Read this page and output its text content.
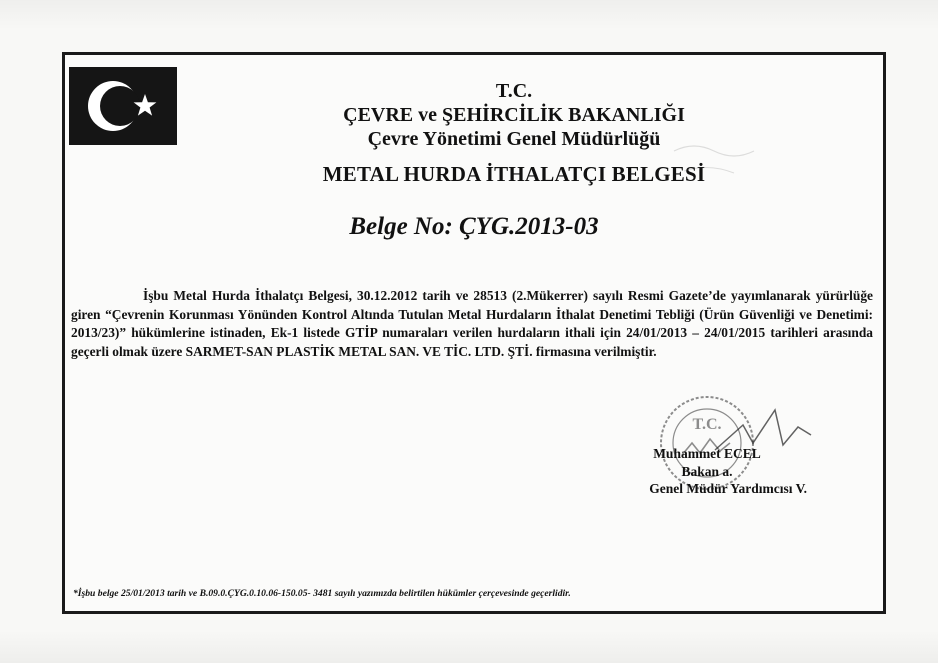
T.C.
ÇEVRE ve ŞEHİRCİLİK BAKANLIĞI
Çevre Yönetimi Genel Müdürlüğü
METAL HURDA İTHALATÇI BELGESİ
Belge No: ÇYG.2013-03
İşbu Metal Hurda İthalatçı Belgesi, 30.12.2012 tarih ve 28513 (2.Mükerrer) sayılı Resmi Gazete’de yayımlanarak yürürlüğe giren “Çevrenin Korunması Yönünden Kontrol Altında Tutulan Metal Hurdaların İthalat Denetimi Tebliği (Ürün Güvenliği ve Denetimi: 2013/23)” hükümlerine istinaden, Ek-1 listede GTİP numaraları verilen hurdaların ithali için 24/01/2013 – 24/01/2015 tarihleri arasında geçerli olmak üzere SARMET-SAN PLASTİK METAL SAN. VE TİC. LTD. ŞTİ. firmasına verilmiştir.
T.C.
Muhammet ECEL
Bakan a.
Genel Müdür Yardımcısı V.
*İşbu belge 25/01/2013 tarih ve B.09.0.ÇYG.0.10.06-150.05- 3481 sayılı yazımızda belirtilen hükümler çerçevesinde geçerlidir.
